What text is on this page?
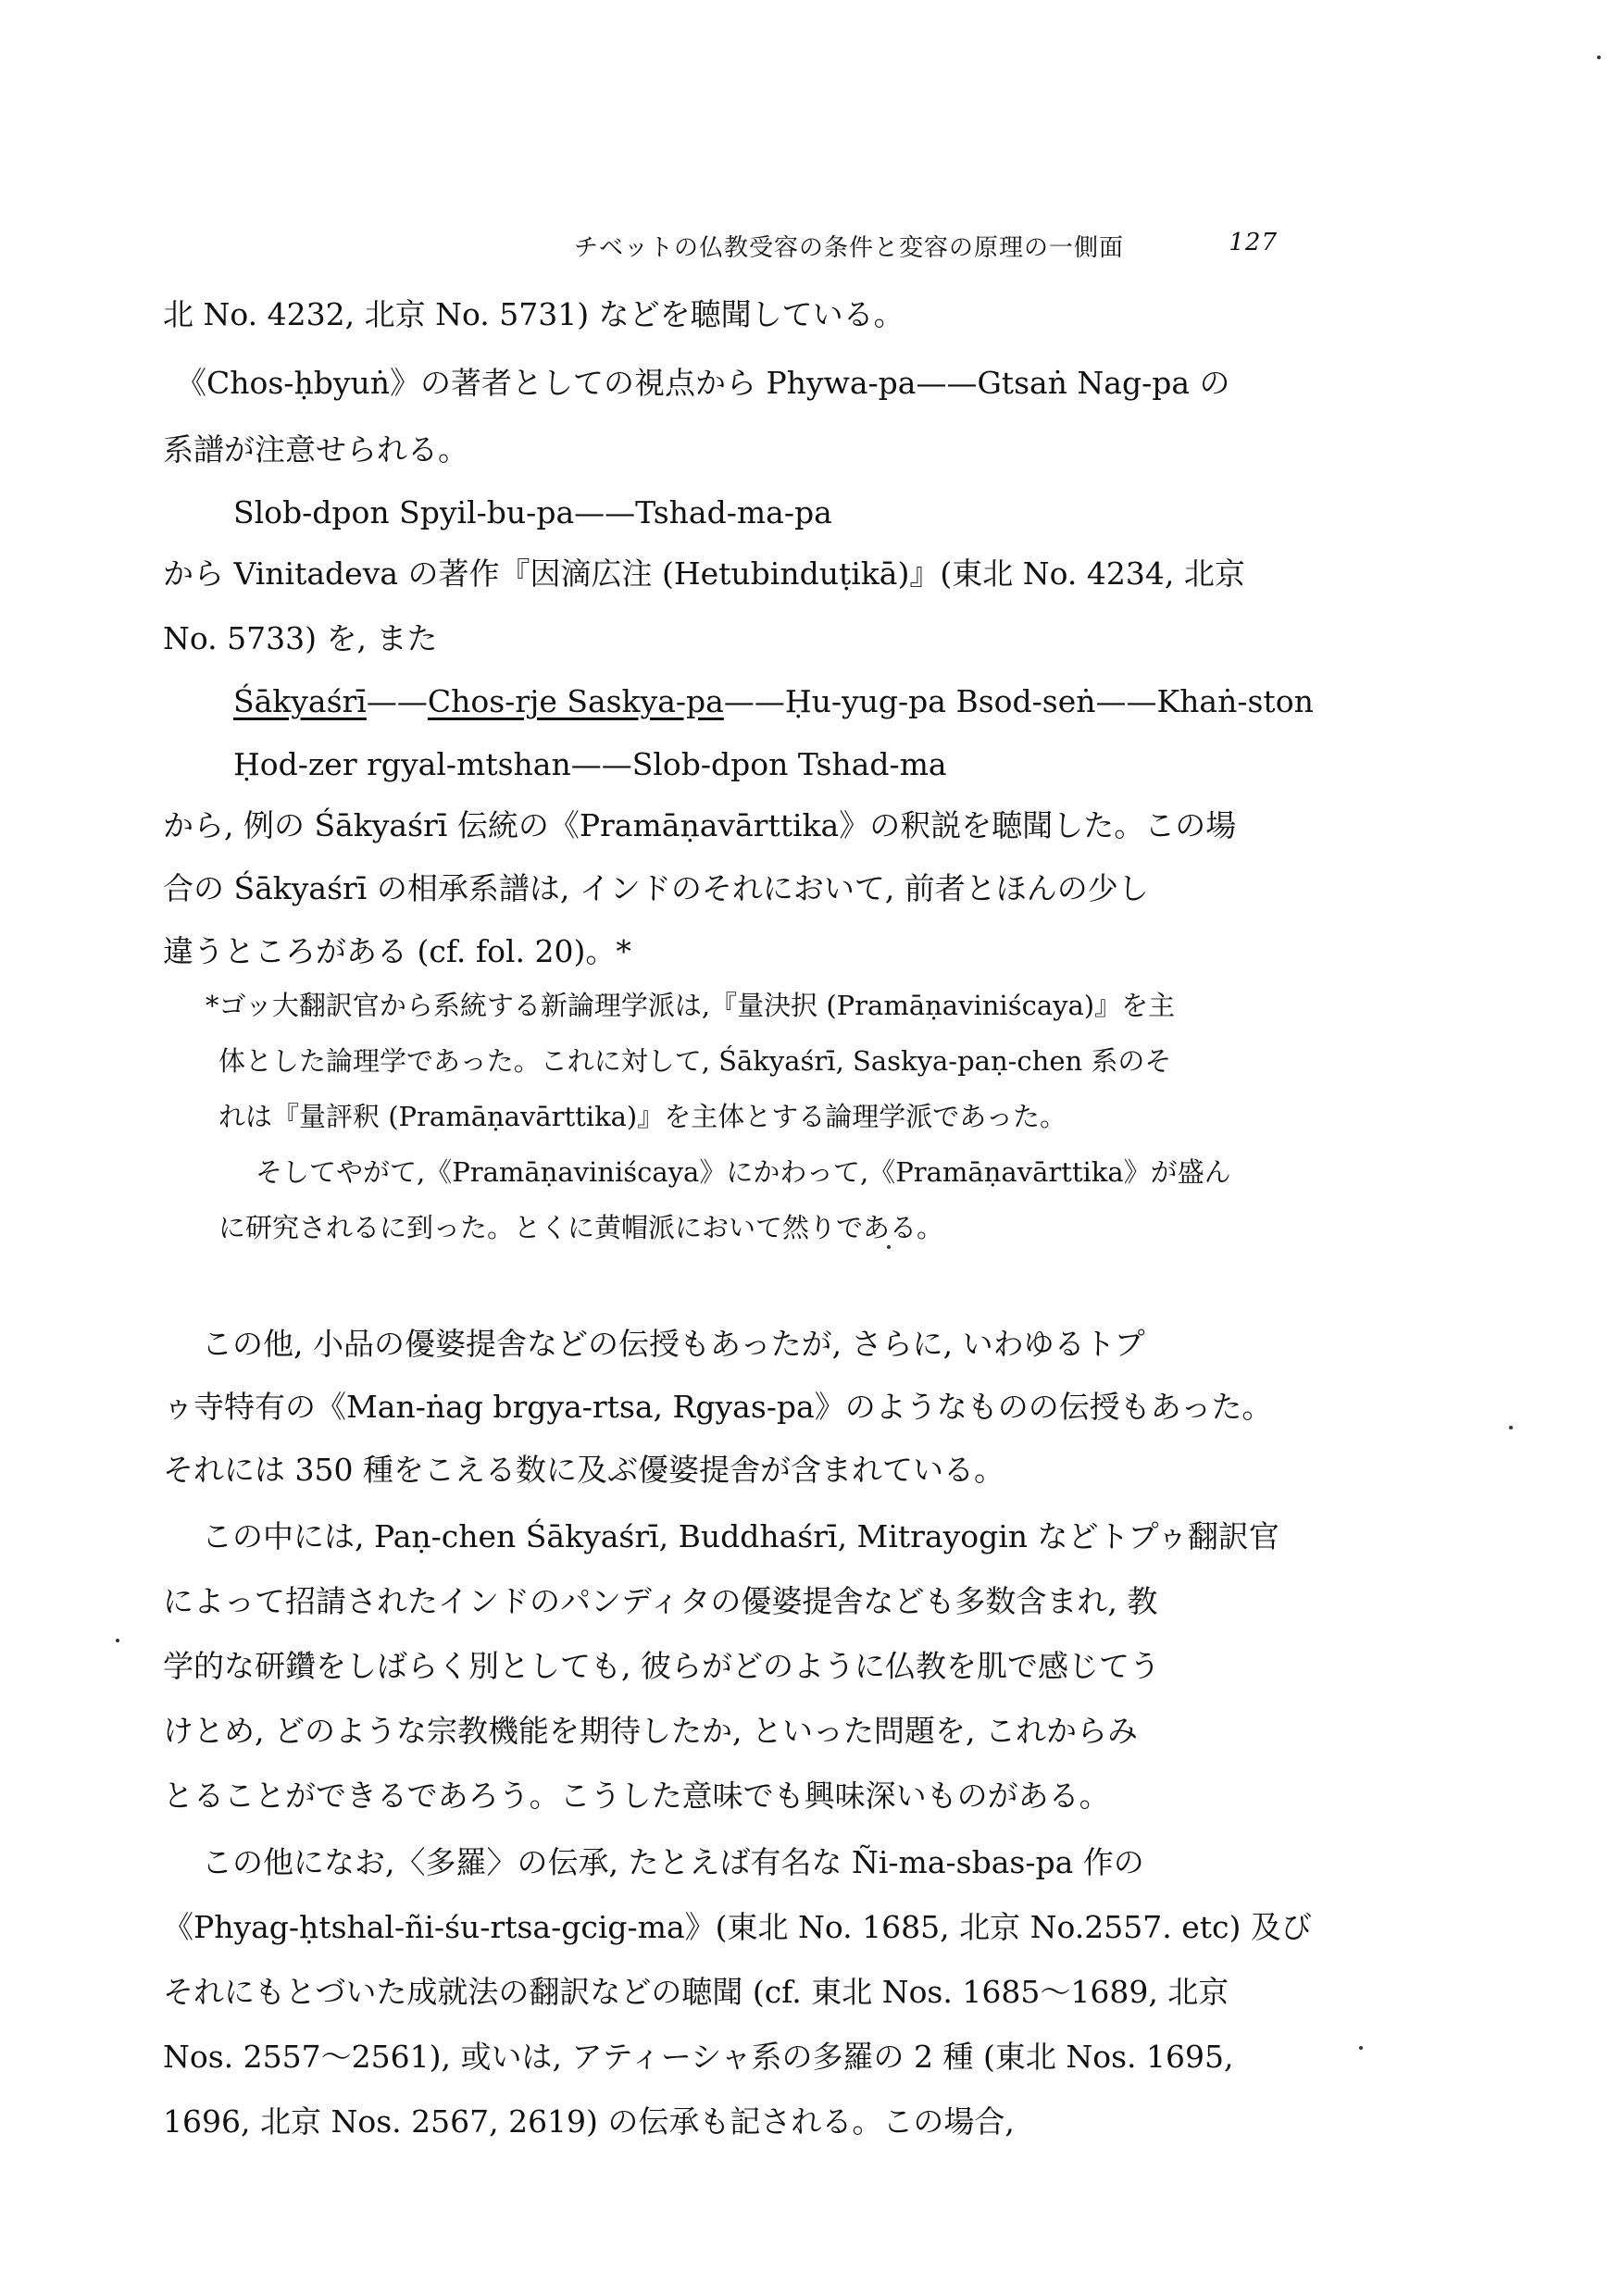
チベットの仏教受容の条件と変容の原理の一側面	127
北 No. 4232, 北京 No. 5731) などを聴聞している。
《Chos-ḥbyuṅ》の著者としての視点から Phywa-pa——Gtsaṅ Nag-pa の
系譜が注意せられる。
Slob-dpon Spyil-bu-pa——Tshad-ma-pa
から Vinitadeva の著作『因滴広注 (Hetubinduṭikā)』(東北 No. 4234, 北京
No. 5733) を, また
Śākyaśrī——Chos-rje Saskya-pa——Ḥu-yug-pa Bsod-seṅ——Khaṅ-ston
Ḥod-zer rgyal-mtshan——Slob-dpon Tshad-ma
から, 例の Śākyaśrī 伝統の《Pramāṇavārttika》の釈説を聴聞した。この場
合の Śākyaśrī の相承系譜は, インドのそれにおいて, 前者とほんの少し
違うところがある (cf. fol. 20)。*
*ゴッ大翻訳官から系統する新論理学派は,『量決択 (Pramāṇaviniścaya)』を主
体とした論理学であった。これに対して, Śākyaśrī, Saskya-paṇ-chen 系のそ
れは『量評釈 (Pramāṇavārttika)』を主体とする論理学派であった。
そしてやがて,《Pramāṇaviniścaya》にかわって,《Pramāṇavārttika》が盛ん
に研究されるに到った。とくに黄帽派において然りである。
この他, 小品の優婆提舎などの伝授もあったが, さらに, いわゆるトプ
ゥ寺特有の《Man-ṅag brgya-rtsa, Rgyas-pa》のようなものの伝授もあった。
それには 350 種をこえる数に及ぶ優婆提舎が含まれている。
この中には, Paṇ-chen Śākyaśrī, Buddhaśrī, Mitrayogin などトプゥ翻訳官
によって招請されたインドのパンディタの優婆提舎なども多数含まれ, 教
学的な研鑽をしばらく別としても, 彼らがどのように仏教を肌で感じてう
けとめ, どのような宗教機能を期待したか, といった問題を, これからみ
とることができるであろう。こうした意味でも興味深いものがある。
この他になお,〈多羅〉の伝承, たとえば有名な Ñi-ma-sbas-pa 作の
《Phyag-ḥtshal-ñi-śu-rtsa-gcig-ma》(東北 No. 1685, 北京 No.2557. etc) 及び
それにもとづいた成就法の翻訳などの聴聞 (cf. 東北 Nos. 1685～1689, 北京
Nos. 2557～2561), 或いは, アティーシャ系の多羅の 2 種 (東北 Nos. 1695,
1696, 北京 Nos. 2567, 2619) の伝承も記される。この場合,
